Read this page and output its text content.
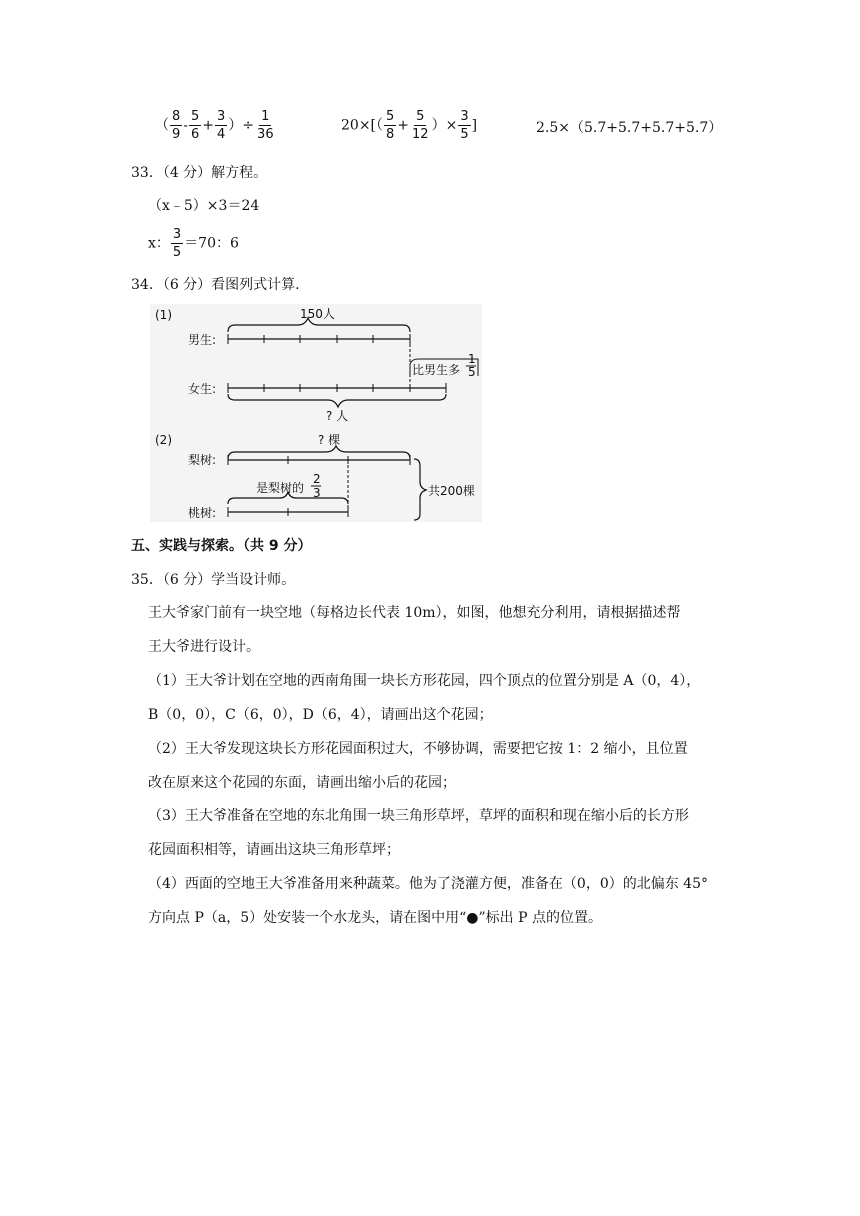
（ $\frac{8}{9} - \frac{5}{6} + \frac{3}{4}$ ）÷ $\frac{1}{36}$	$20\times[( \frac{5}{8} + \frac{5}{12}$ ）× $\frac{3}{5}$ ]	2.5×（5.7+5.7+5.7+5.7）
33．（4 分）解方程。
（x﹣5）×3＝24
x： $\frac{3}{5} =70$：6
34．（6 分）看图列式计算.
(1)
男生:
女生:
150人
比男生多
1
5
? 人
(2)	? 棵
梨树:
是梨树的
2
3
桃树:
共200棵
五、实践与探索。（共 9 分）
35．（6 分）学当设计师。
王大爷家门前有一块空地（每格边长代表 10m），如图，他想充分利用，请根据描述帮
王大爷进行设计。
（1）王大爷计划在空地的西南角围一块长方形花园，四个顶点的位置分别是 A（0，4），
B（0，0），C（6，0），D（6，4），请画出这个花园；
（2）王大爷发现这块长方形花园面积过大，不够协调，需要把它按 1：2 缩小，且位置
改在原来这个花园的东面，请画出缩小后的花园；
（3）王大爷准备在空地的东北角围一块三角形草坪，草坪的面积和现在缩小后的长方形
花园面积相等，请画出这块三角形草坪；
（4）西面的空地王大爷准备用来种蔬菜。他为了浇灌方便，准备在（0，0）的北偏东 45°
方向点 P（a，5）处安装一个水龙头，请在图中用“●”标出 P 点的位置。
